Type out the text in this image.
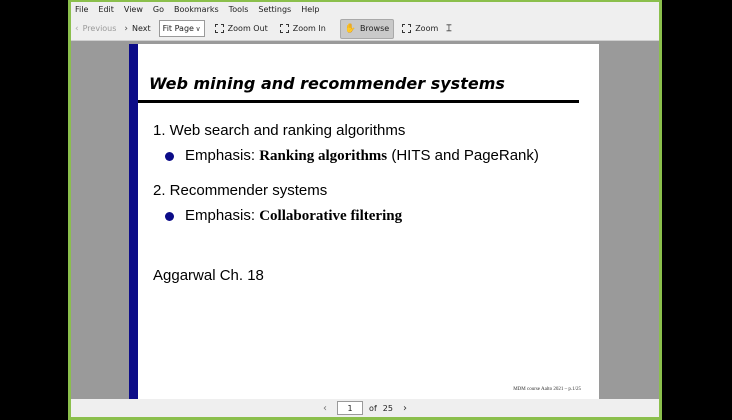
File	Edit	View	Go	Bookmarks	Tools	Settings	Help
‹ Previous › Next Fit Page ∨	Zoom Out	Zoom In ✋ Browse	Zoom ⌶
Web mining and recommender systems
1. Web search and ranking algorithms
Emphasis: Ranking algorithms (HITS and PageRank)
2. Recommender systems
Emphasis: Collaborative filtering
Aggarwal Ch. 18
MDM course Aalto 2021 – p.1/25
‹	1	of 25	›
